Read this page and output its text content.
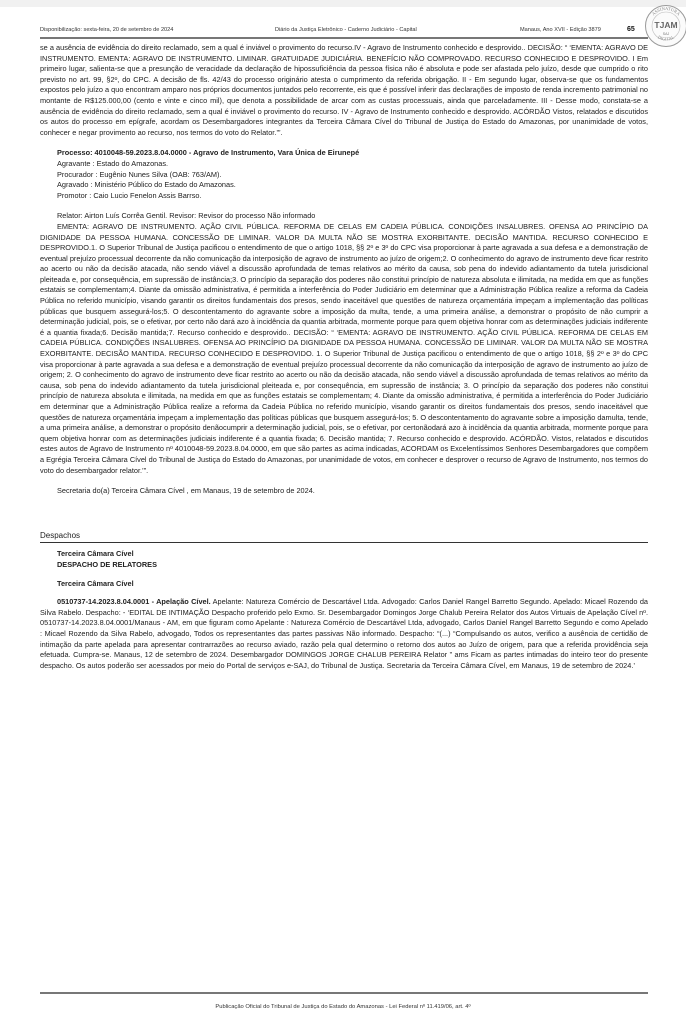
Disponibilização: sexta-feira, 20 de setembro de 2024	Diário da Justiça Eletrônico - Caderno Judiciário - Capital	Manaus, Ano XVII - Edição 3879	65 TJAM
SAJ
ASSINATURA
DIGITAL

se a ausência de evidência do direito reclamado, sem a qual é inviável o provimento do recurso.IV - Agravo de Instrumento conhecido e desprovido.. DECISÃO: “ ‘EMENTA: AGRAVO DE INSTRUMENTO. EMENTA: AGRAVO DE INSTRUMENTO. LIMINAR. GRATUIDADE JUDICIÁRIA. BENEFÍCIO NÃO COMPROVADO. RECURSO CONHECIDO E DESPROVIDO. I Em primeiro lugar, salienta-se que a presunção de veracidade da declaração de hipossuficiência da pessoa física não é absoluta e pode ser afastada pelo juízo, desde que cumprido o rito previsto no art. 99, §2º, do CPC. A decisão de fls. 42/43 do processo originário atesta o cumprimento da referida obrigação. II - Em segundo lugar, observa-se que os fundamentos expostos pelo juízo a quo encontram amparo nos próprios documentos juntados pelo recorrente, eis que é possível inferir das declarações de imposto de renda incremento patrimonial no montante de R$125.000,00 (cento e vinte e cinco mil), que denota a possibilidade de arcar com as custas processuais, ainda que parceladamente. III - Desse modo, constata-se a ausência de evidência do direito reclamado, sem a qual é inviável o provimento do recurso. IV - Agravo de Instrumento conhecido e desprovido. ACÓRDÃO Vistos, relatados e discutidos os autos do processo em epígrafe, acordam os Desembargadores integrantes da Terceira Câmara Cível do Tribunal de Justiça do Estado do Amazonas, por unanimidade de votos, conhecer e negar provimento ao recurso, nos termos do voto do Relator.’”.

Processo: 4010048-59.2023.8.04.0000 - Agravo de Instrumento, Vara Única de Eirunepé
Agravante : Estado do Amazonas.
Procurador : Eugênio Nunes Silva (OAB: 763/AM).
Agravado : Ministério Público do Estado do Amazonas.
Promotor : Caio Lucio Fenelon Assis Barrso.
Relator: Airton Luís Corrêa Gentil. Revisor: Revisor do processo Não informado

EMENTA: AGRAVO DE INSTRUMENTO. AÇÃO CIVIL PÚBLICA. REFORMA DE CELAS EM CADEIA PÚBLICA. CONDIÇÕES INSALUBRES. OFENSA AO PRINCÍPIO DA DIGNIDADE DA PESSOA HUMANA. CONCESSÃO DE LIMINAR. VALOR DA MULTA NÃO SE MOSTRA EXORBITANTE. DECISÃO MANTIDA. RECURSO CONHECIDO E DESPROVIDO.1. O Superior Tribunal de Justiça pacificou o entendimento de que o artigo 1018, §§ 2º e 3º do CPC visa proporcionar à parte agravada a sua defesa e a demonstração de eventual prejuízo processual decorrente da não comunicação da interposição de agravo de instrumento ao juízo de origem;2. O conhecimento do agravo de instrumento deve ficar restrito ao acerto ou não da decisão atacada, não sendo viável a discussão aprofundada de temas relativos ao mérito da causa, sob pena do indevido adiantamento da tutela jurisdicional pleiteada e, por consequência, em supressão de instância;3. O princípio da separação dos poderes não constitui princípio de natureza absoluta e ilimitada, na medida em que as funções estatais se complementam;4. Diante da omissão administrativa, é permitida a interferência do Poder Judiciário em determinar que a Administração Pública realize a reforma da Cadeia Pública no referido município, visando garantir os direitos fundamentais dos presos, sendo inaceitável que questões de natureza orçamentária impeçam a implementação das políticas públicas que busquem assegurá-los;5. O descontentamento do agravante sobre a imposição da multa, tende, a uma primeira análise, a demonstrar o propósito de não cumprir a determinação judicial, pois, se o efetivar, por certo não dará azo à incidência da quantia arbitrada, mormente porque para quem objetiva honrar com as determinações judiciais indiferente é a quantia fixada;6. Decisão mantida;7. Recurso conhecido e desprovido.. DECISÃO: “ ‘EMENTA: AGRAVO DE INSTRUMENTO. AÇÃO CIVIL PÚBLICA. REFORMA DE CELAS EM CADEIA PÚBLICA. CONDIÇÕES INSALUBRES. OFENSA AO PRINCÍPIO DA DIGNIDADE DA PESSOA HUMANA. CONCESSÃO DE LIMINAR. VALOR DA MULTA NÃO SE MOSTRA EXORBITANTE. DECISÃO MANTIDA. RECURSO CONHECIDO E DESPROVIDO. 1. O Superior Tribunal de Justiça pacificou o entendimento de que o artigo 1018, §§ 2º e 3º do CPC visa proporcionar à parte agravada a sua defesa e a demonstração de eventual prejuízo processual decorrente da não comunicação da interposição de agravo de instrumento ao juízo de origem; 2. O conhecimento do agravo de instrumento deve ficar restrito ao acerto ou não da decisão atacada, não sendo viável a discussão aprofundada de temas relativos ao mérito da causa, sob pena do indevido adiantamento da tutela jurisdicional pleiteada e, por consequência, em supressão de instância; 3. O princípio da separação dos poderes não constitui princípio de natureza absoluta e ilimitada, na medida em que as funções estatais se complementam; 4. Diante da omissão administrativa, é permitida a interferência do Poder Judiciário em determinar que a Administração Pública realize a reforma da Cadeia Pública no referido município, visando garantir os direitos fundamentais dos presos, sendo inaceitável que questões de natureza orçamentária impeçam a implementação das políticas públicas que busquem assegurá-los; 5. O descontentamento do agravante sobre a imposição damulta, tende, a uma primeira análise, a demonstrar o propósito denãocumprir a determinação judicial, pois, se o efetivar, por certonãodará azo à incidência da quantia arbitrada, mormente porque para quem objetiva honrar com as determinações judiciais indiferente é a quantia fixada; 6. Decisão mantida; 7. Recurso conhecido e desprovido. ACÓRDÃO. Vistos, relatados e discutidos estes autos de Agravo de Instrumento nº 4010048-59.2023.8.04.0000, em que são partes as acima indicadas, ACORDAM os Excelentíssimos Senhores Desembargadores que compõem a Egrégia Terceira Câmara Cível do Tribunal de Justiça do Estado do Amazonas, por unanimidade de votos, em conhecer e desprover o recurso de Agravo de Instrumento, nos termos do voto do desembargador relator.’”.

Secretaria do(a) Terceira Câmara Cível , em Manaus, 19 de setembro de 2024.
Despachos
Terceira Câmara Cível
DESPACHO DE RELATORES
Terceira Câmara Cível

0510737-14.2023.8.04.0001 - Apelação Cível. Apelante: Natureza Comércio de Descartável Ltda. Advogado: Carlos Daniel Rangel Barretto Segundo. Apelado: Micael Rozendo da Silva Rabelo. Despacho: - ‘EDITAL DE INTIMAÇÃO Despacho proferido pelo Exmo. Sr. Desembargador Domingos Jorge Chalub Pereira Relator dos Autos Virtuais de Apelação Cível nº. 0510737-14.2023.8.04.0001/Manaus - AM, em que figuram como Apelante : Natureza Comércio de Descartável Ltda, advogado, Carlos Daniel Rangel Barretto Segundo e como Apelado : Micael Rozendo da Silva Rabelo, advogado, Todos os representantes das partes passivas Não informado. Despacho: “(...) “Compulsando os autos, verifico a ausência de certidão de intimação da parte apelada para apresentar contrarrazões ao recurso aviado, razão pela qual determino o retorno dos autos ao Juízo de origem, para que a referida providência seja efetuada. Cumpra-se. Manaus, 12 de setembro de 2024. Desembargador DOMINGOS JORGE CHALUB PEREIRA Relator ” ams Ficam as partes intimadas do inteiro teor do presente despacho. Os autos poderão ser acessados por meio do Portal de serviços e-SAJ, do Tribunal de Justiça. Secretaria da Terceira Câmara Cível, em Manaus, 19 de setembro de 2024.’

Publicação Oficial do Tribunal de Justiça do Estado do Amazonas - Lei Federal nº 11.419/06, art. 4º
